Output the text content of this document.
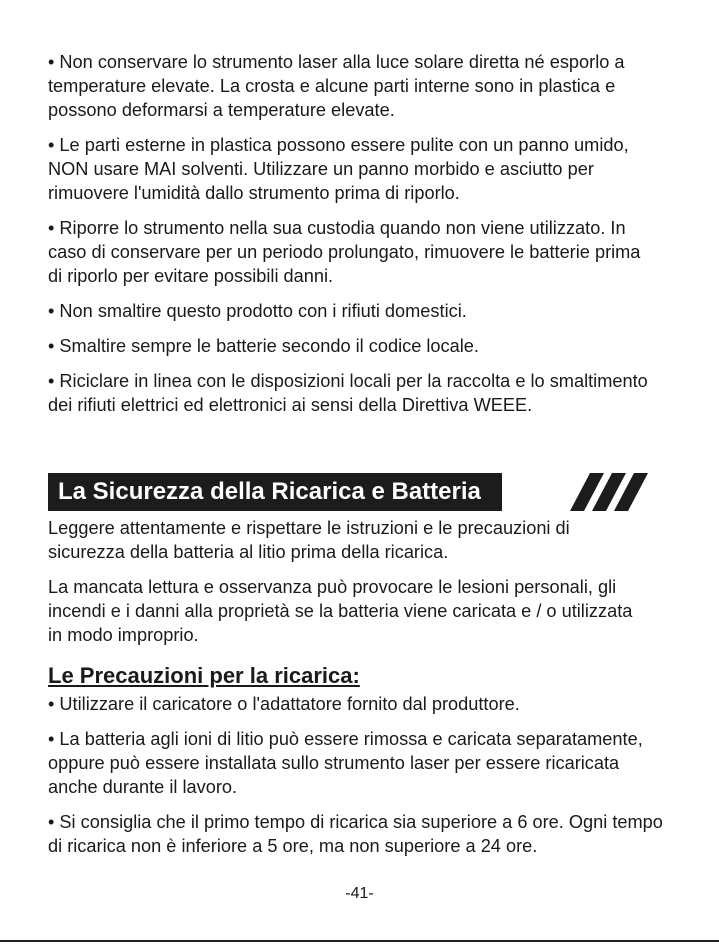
• Non conservare lo strumento laser alla luce solare diretta né esporlo a temperature elevate. La crosta e alcune parti interne sono in plastica e possono deformarsi a temperature elevate.

• Le parti esterne in plastica possono essere pulite con un panno umido, NON usare MAI solventi. Utilizzare un panno morbido e asciutto per rimuovere l'umidità dallo strumento prima di riporlo.

• Riporre lo strumento nella sua custodia quando non viene utilizzato. In caso di conservare per un periodo prolungato, rimuovere le batterie prima di riporlo per evitare possibili danni.

• Non smaltire questo prodotto con i rifiuti domestici.

• Smaltire sempre le batterie secondo il codice locale.

• Riciclare in linea con le disposizioni locali per la raccolta e lo smaltimento dei rifiuti elettrici ed elettronici ai sensi della Direttiva WEEE.

La Sicurezza della Ricarica e Batteria

Leggere attentamente e rispettare le istruzioni e le precauzioni di sicurezza della batteria al litio prima della ricarica.

La mancata lettura e osservanza può provocare le lesioni personali, gli incendi e i danni alla proprietà se la batteria viene caricata e / o utilizzata in modo improprio.

Le Precauzioni per la ricarica:

• Utilizzare il caricatore o l'adattatore fornito dal produttore.

• La batteria agli ioni di litio può essere rimossa e caricata separatamente, oppure può essere installata sullo strumento laser per essere ricaricata anche durante il lavoro.

• Si consiglia che il primo tempo di ricarica sia superiore a 6 ore. Ogni tempo di ricarica non è inferiore a 5 ore, ma non superiore a 24 ore.

-41-
